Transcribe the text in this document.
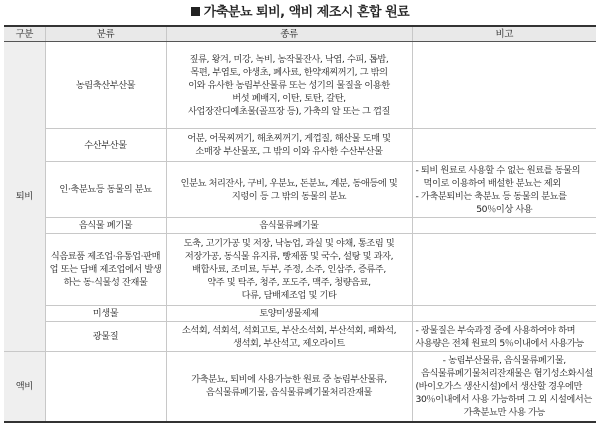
가축분뇨 퇴비, 액비 제조시 혼합 원료
구분	분류	종류	비고
퇴비	농림축산부산물	짚류, 왕겨, 미강, 녹비, 농작물잔사, 낙엽, 수피, 톱밥,
목편, 부엽토, 야생초, 폐사료, 한약재찌꺼기, 그 밖의
이와 유사한 농림부산물류 또는 성기의 물질을 이용한
버섯 폐배지, 이탄, 토탄, 갈탄,
사업장잔디예초물(골프장 등), 가축의 알 또는 그 껍질	

	수산부산물	어분, 어묵찌꺼기, 해초찌꺼기, 게껍질, 해산물 도매 및
소매장 부산물포, 그 밖의 이와 유사한 수산부산물	

	인·축분뇨등 동물의 분뇨	인분뇨 처리잔사, 구비, 우분뇨, 돈분뇨, 계분, 동애등에 및
지렁이 등 그 밖의 동물의 분뇨	- 퇴비 원료로 사용할 수 없는 원료를 동물의
먹이로 이용하여 배설한 분뇨는 제외
- 가축분퇴비는 축분뇨 등 동물의 분뇨를
50％이상 사용

	음식물 폐기물	음식물류폐기물	
	식음료품 제조업·유통업·판매업 또는 담배 제조업에서 발생하는 동·식물성 잔재물	도축, 고기가공 및 저장, 낙농업, 과실 및 야채, 통조림 및
저장가공, 동식물 유지류, 빵제품 및 국수, 설탕 및 과자,
배합사료, 조미료, 두부, 주정, 소주, 인삼주, 증류주,
약주 및 탁주, 청주, 포도주, 맥주, 청량음료,
다류, 담배제조업 및 기타	

	미생물	토양미생물제제	
	광물질	소석회, 석회석, 석회고토, 부산소석회, 부산석회, 패화석,
생석회, 부산석고, 제오라이트	- 광물질은 부숙과정 중에 사용하여야 하며
사용량은 전체 원료의 5％이내에서 사용가능

액비		가축분뇨, 퇴비에 사용가능한 원료 중 농림부산물류,
음식물류폐기물, 음식물류폐기물처리잔재물	- 농림부산물류, 음식물류폐기물,
음식물류폐기물처리잔재물은 혐기성소화시설
(바이오가스 생산시설)에서 생산할 경우에만
30％이내에서 사용 가능하며 그 외 시설에서는
가축분뇨만 사용 가능
